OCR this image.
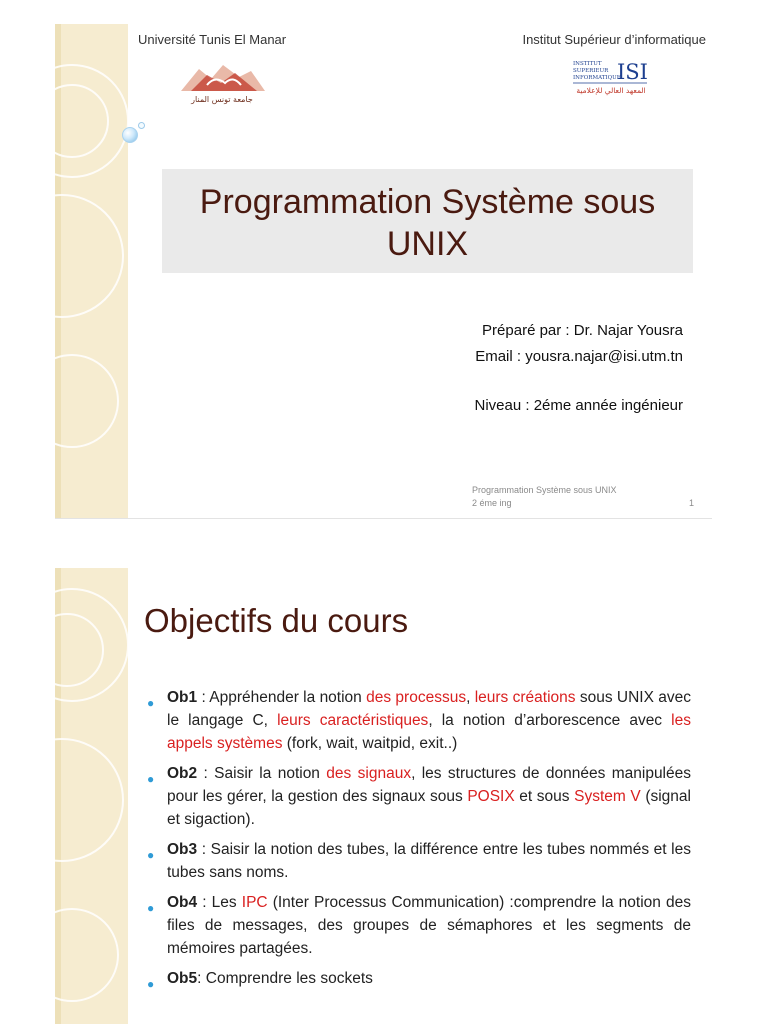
Université Tunis El Manar	Institut Supérieur d’informatique
جامعة تونس المنار
INSTITUT
SUPERIEUR
INFORMATIQUE
ISI
المعهد العالي للإعلامية
Programmation Système sous UNIX
Préparé par : Dr. Najar Yousra
Email : yousra.najar@isi.utm.tn
Niveau : 2éme année ingénieur
Programmation Système sous UNIX
2 éme ing	1
Objectifs du cours
● Ob1 : Appréhender la notion des processus, leurs créations sous UNIX avec le langage C, leurs caractéristiques, la notion d’arborescence avec les appels systèmes (fork, wait, waitpid, exit..)
● Ob2 : Saisir la notion des signaux, les structures de données manipulées pour les gérer, la gestion des signaux sous POSIX et sous System V (signal et sigaction).
● Ob3 : Saisir la notion des tubes, la différence entre les tubes nommés et les tubes sans noms.
● Ob4 : Les IPC (Inter Processus Communication) :comprendre la notion des files de messages, des groupes de sémaphores et les segments de mémoires partagées.
● Ob5: Comprendre les sockets
